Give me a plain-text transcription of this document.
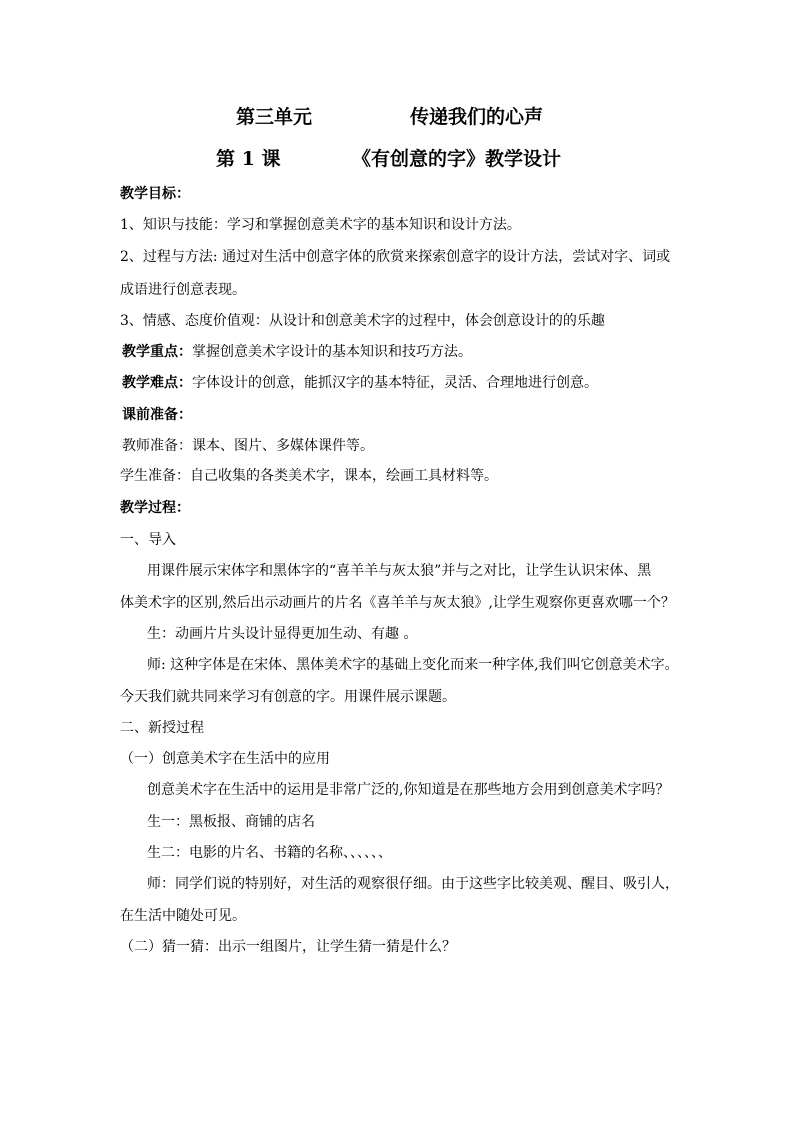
第三单元	传递我们的心声
第 1 课	《有创意的字》教学设计
教学目标：
1、知识与技能：学习和掌握创意美术字的基本知识和设计方法。
2、过程与方法: 通过对生活中创意字体的欣赏来探索创意字的设计方法，尝试对字、词或
成语进行创意表现。
3、情感、态度价值观：从设计和创意美术字的过程中，体会创意设计的的乐趣
教学重点：掌握创意美术字设计的基本知识和技巧方法。
教学难点：字体设计的创意，能抓汉字的基本特征，灵活、合理地进行创意。
课前准备：
教师准备：课本、图片、多媒体课件等。
学生准备：自己收集的各类美术字，课本，绘画工具材料等。
教学过程：
一、导入
用课件展示宋体字和黑体字的“喜羊羊与灰太狼”并与之对比，让学生认识宋体、黑
体美术字的区别,然后出示动画片的片名《喜羊羊与灰太狼》,让学生观察你更喜欢哪一个？
生：动画片片头设计显得更加生动、有趣 。
师: 这种字体是在宋体、黑体美术字的基础上变化而来一种字体,我们叫它创意美术字。
今天我们就共同来学习有创意的字。用课件展示课题。
二、新授过程
（一）创意美术字在生活中的应用
创意美术字在生活中的运用是非常广泛的,你知道是在那些地方会用到创意美术字吗？
生一：黑板报、商铺的店名
生二：电影的片名、书籍的名称、、、、、、
师：同学们说的特别好，对生活的观察很仔细。由于这些字比较美观、醒目、吸引人，
在生活中随处可见。
（二）猜一猜：出示一组图片，让学生猜一猜是什么？
